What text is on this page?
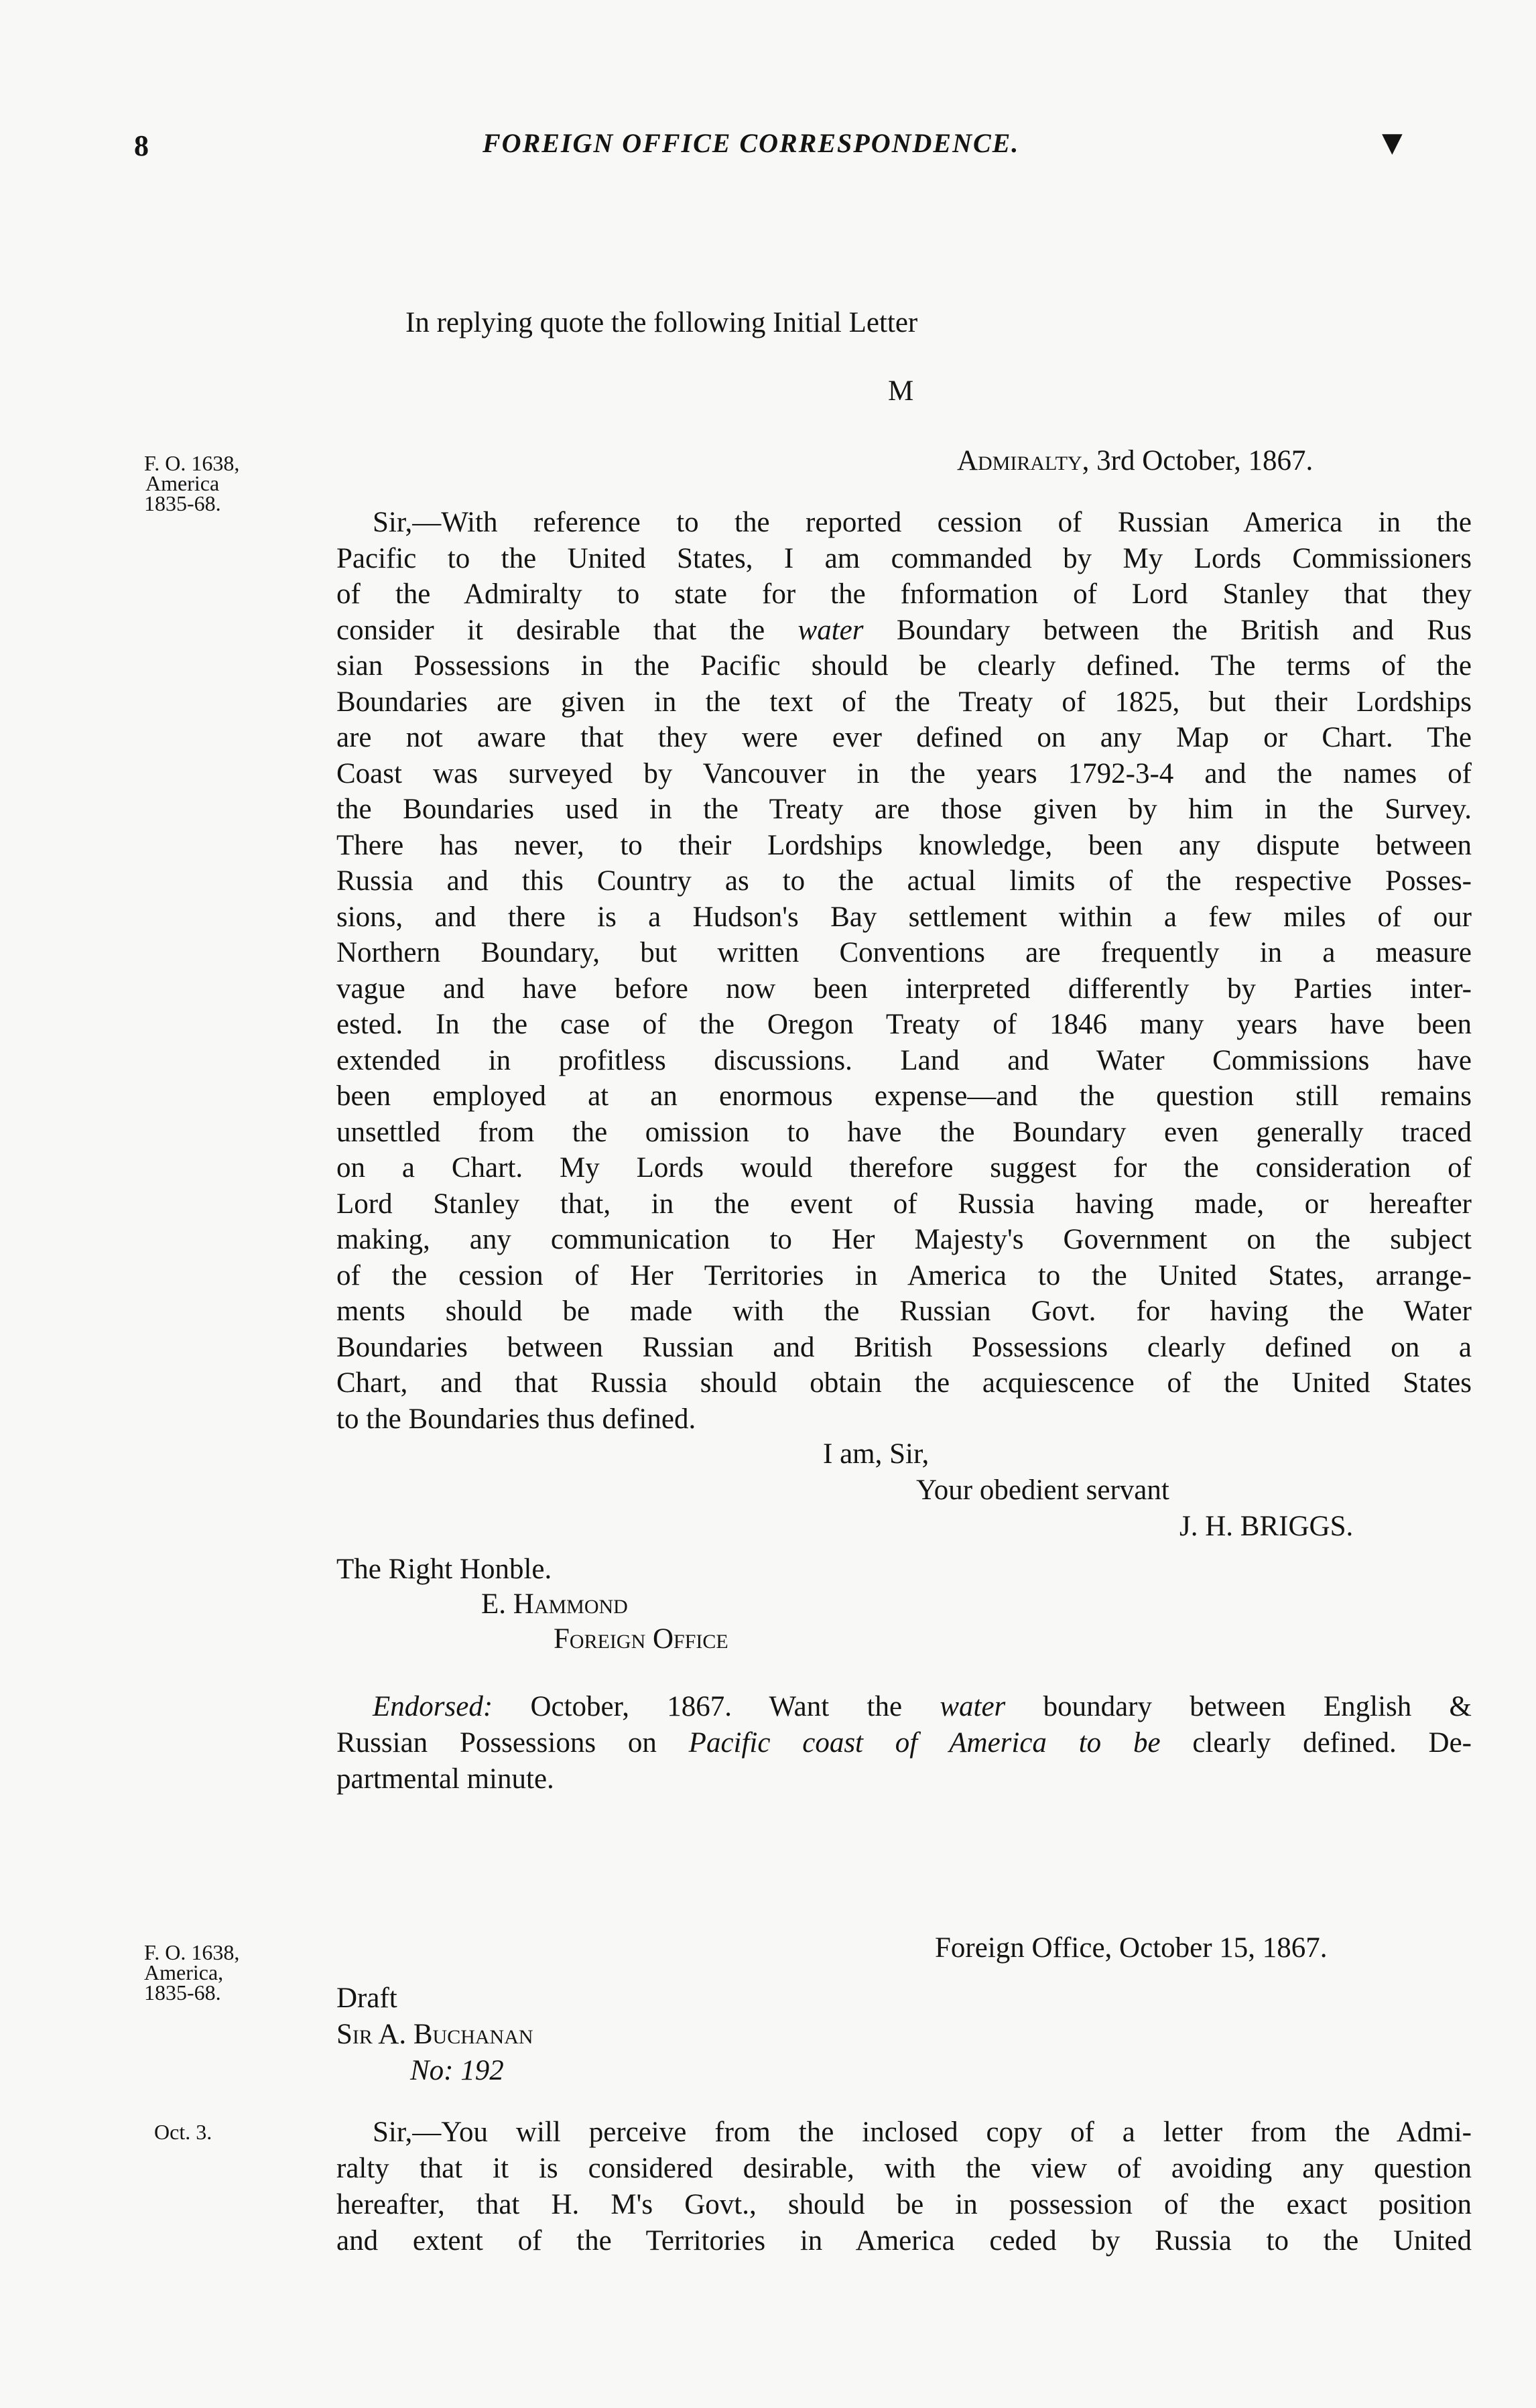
8	FOREIGN OFFICE CORRESPONDENCE.	▼
In replying quote the following Initial Letter
M
Admiralty, 3rd October, 1867.
F. O. 1638,
America
1835-68.
Sir,—With reference to the reported cession of Russian America in the
Pacific to the United States, I am commanded by My Lords Commissioners
of the Admiralty to state for the fnformation of Lord Stanley that they
consider it desirable that the water Boundary between the British and Rus
sian Possessions in the Pacific should be clearly defined. The terms of the
Boundaries are given in the text of the Treaty of 1825, but their Lordships
are not aware that they were ever defined on any Map or Chart. The
Coast was surveyed by Vancouver in the years 1792-3-4 and the names of
the Boundaries used in the Treaty are those given by him in the Survey.
There has never, to their Lordships knowledge, been any dispute between
Russia and this Country as to the actual limits of the respective Posses-
sions, and there is a Hudson's Bay settlement within a few miles of our
Northern Boundary, but written Conventions are frequently in a measure
vague and have before now been interpreted differently by Parties inter-
ested. In the case of the Oregon Treaty of 1846 many years have been
extended in profitless discussions. Land and Water Commissions have
been employed at an enormous expense—and the question still remains
unsettled from the omission to have the Boundary even generally traced
on a Chart. My Lords would therefore suggest for the consideration of
Lord Stanley that, in the event of Russia having made, or hereafter
making, any communication to Her Majesty's Government on the subject
of the cession of Her Territories in America to the United States, arrange-
ments should be made with the Russian Govt. for having the Water
Boundaries between Russian and British Possessions clearly defined on a
Chart, and that Russia should obtain the acquiescence of the United States
to the Boundaries thus defined.
I am, Sir,
Your obedient servant
J. H. BRIGGS.
The Right Honble.
E. Hammond
Foreign Office
Endorsed: October, 1867. Want the water boundary between English &
Russian Possessions on Pacific coast of America to be clearly defined. De-
partmental minute.
Foreign Office, October 15, 1867.
F. O. 1638,
America,
1835-68.	Draft
Sir A. Buchanan
No: 192
Oct. 3.	Sir,—You will perceive from the inclosed copy of a letter from the Admi-
ralty that it is considered desirable, with the view of avoiding any question
hereafter, that H. M's Govt., should be in possession of the exact position
and extent of the Territories in America ceded by Russia to the United
